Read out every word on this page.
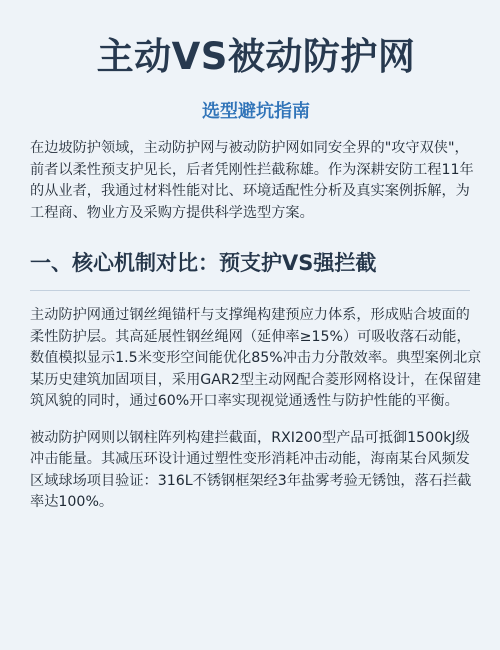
主动VS被动防护网
选型避坑指南

在边坡防护领域，主动防护网与被动防护网如同安全界的"攻守双侠"，前者以柔性预支护见长，后者凭刚性拦截称雄。作为深耕安防工程11年的从业者，我通过材料性能对比、环境适配性分析及真实案例拆解，为工程商、物业方及采购方提供科学选型方案。

一、核心机制对比：预支护VS强拦截

主动防护网通过钢丝绳锚杆与支撑绳构建预应力体系，形成贴合坡面的柔性防护层。其高延展性钢丝绳网（延伸率≥15%）可吸收落石动能，数值模拟显示1.5米变形空间能优化85%冲击力分散效率。典型案例北京某历史建筑加固项目，采用GAR2型主动网配合菱形网格设计，在保留建筑风貌的同时，通过60%开口率实现视觉通透性与防护性能的平衡。

被动防护网则以钢柱阵列构建拦截面，RXI200型产品可抵御1500kJ级冲击能量。其减压环设计通过塑性变形消耗冲击动能，海南某台风频发区域球场项目验证：316L不锈钢框架经3年盐雾考验无锈蚀，落石拦截率达100%。
